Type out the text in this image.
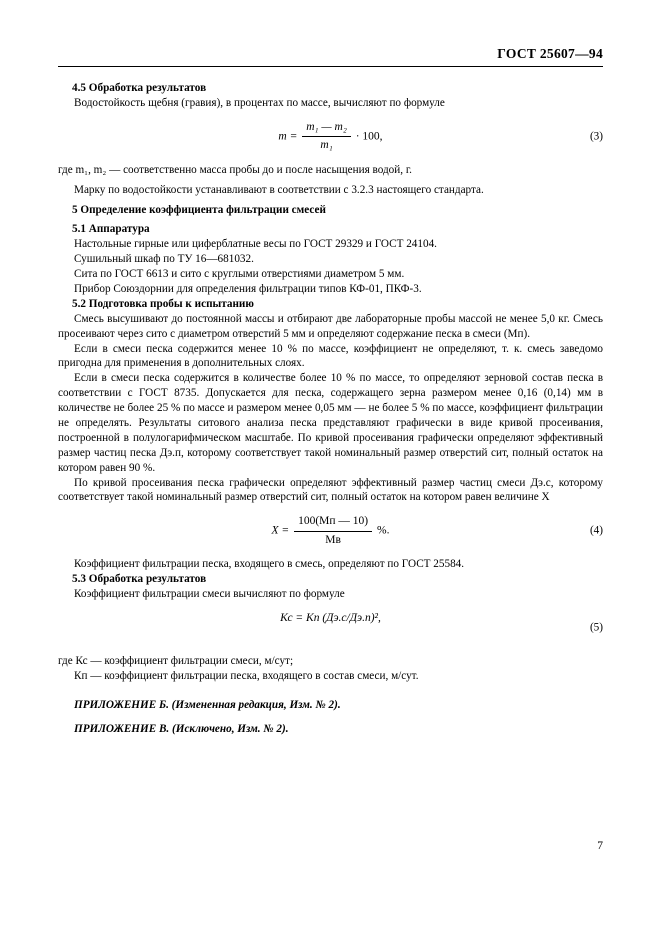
ГОСТ 25607—94
4.5 Обработка результатов

Водостойкость щебня (гравия), в процентах по массе, вычисляют по формуле

$m = \frac{\text{m₁ — m₂}}{\text{m₁}} \cdot 100$,	(3)

где m₁, m₂ — соответственно масса пробы до и после насыщения водой, г.

Марку по водостойкости устанавливают в соответствии с 3.2.3 настоящего стандарта.

5 Определение коэффициента фильтрации смесей
5.1 Аппаратура

Настольные гирные или циферблатные весы по ГОСТ 29329 и ГОСТ 24104.

Сушильный шкаф по ТУ 16—681032.

Сита по ГОСТ 6613 и сито с круглыми отверстиями диаметром 5 мм.

Прибор Союздорнии для определения фильтрации типов КФ-01, ПКФ-3.

5.2 Подготовка пробы к испытанию

Смесь высушивают до постоянной массы и отбирают две лабораторные пробы массой не менее 5,0 кг. Смесь просеивают через сито с диаметром отверстий 5 мм и определяют содержание песка в смеси (Мп).

Если в смеси песка содержится менее 10 % по массе, коэффициент не определяют, т. к. смесь заведомо пригодна для применения в дополнительных слоях.

Если в смеси песка содержится в количестве более 10 % по массе, то определяют зерновой состав песка в соответствии с ГОСТ 8735. Допускается для песка, содержащего зерна размером менее 0,16 (0,14) мм в количестве не более 25 % по массе и размером менее 0,05 мм — не более 5 % по массе, коэффициент фильтрации не определять. Результаты ситового анализа песка представляют графически в виде кривой просеивания, построенной в полулогарифмическом масштабе. По кривой просеивания графически определяют эффективный размер частиц песка Дэ.п, которому соответствует такой номинальный размер отверстий сит, полный остаток на котором равен 90 %.

По кривой просеивания песка графически определяют эффективный размер частиц смеси Дэ.с, которому соответствует такой номинальный размер отверстий сит, полный остаток на котором равен величине X

$X = \frac{100(Мп — 10)}{Мв}$ %.	(4)

Коэффициент фильтрации песка, входящего в смесь, определяют по ГОСТ 25584.

5.3 Обработка результатов

Коэффициент фильтрации смеси вычисляют по формуле

Кс = Кп (Дэ.с/Дэ.п)²,
(5)

где Кс — коэффициент фильтрации смеси, м/сут;

Кп — коэффициент фильтрации песка, входящего в состав смеси, м/сут.

ПРИЛОЖЕНИЕ Б. (Измененная редакция, Изм. № 2).
ПРИЛОЖЕНИЕ В. (Исключено, Изм. № 2).
7
